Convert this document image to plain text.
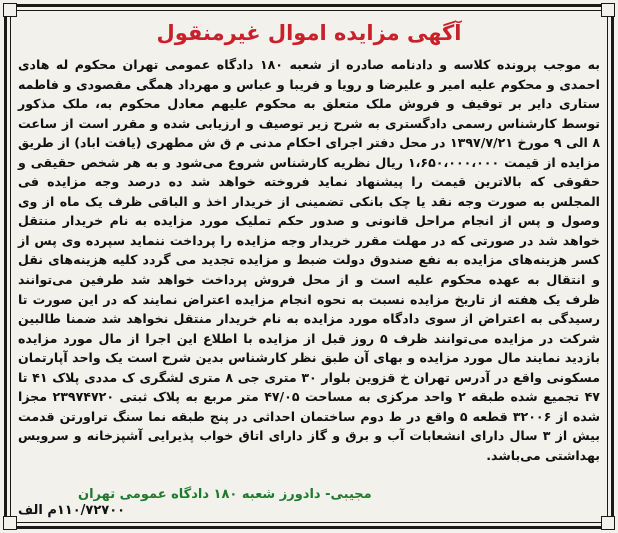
آگهی مزایده اموال غیرمنقول

به موجب پرونده کلاسه و دادنامه صادره از شعبه ۱۸۰ دادگاه عمومی تهران محکوم له هادی احمدی و محکوم علیه امیر و علیرضا و رویا و فریبا و عباس و مهرداد همگی مقصودی و فاطمه ستاری دایر بر توقیف و فروش ملک متعلق به محکوم علیهم معادل محکوم به، ملک مذکور توسط کارشناس رسمی دادگستری به شرح زیر توصیف و ارزیابی شده و مقرر است از ساعت ۸ الی ۹ مورخ ۱۳۹۷/۷/۲۱ در محل دفتر اجرای احکام مدنی م ق ش مطهری (یافت اباد) از طریق مزایده از قیمت ۱،۶۵۰،۰۰۰،۰۰۰ ریال نظریه کارشناس شروع می‌شود و به هر شخص حقیقی و حقوقی که بالاترین قیمت را پیشنهاد نماید فروخته خواهد شد ده درصد وجه مزایده فی المجلس به صورت وجه نقد یا چک بانکی تضمینی از خریدار اخذ و الباقی ظرف یک ماه از وی وصول و پس از انجام مراحل قانونی و صدور حکم تملیک مورد مزایده به نام خریدار منتقل خواهد شد در صورتی که در مهلت مقرر خریدار وجه مزایده را پرداخت ننماید سپرده وی پس از کسر هزینه‌های مزایده به نفع صندوق دولت ضبط و مزایده تجدید می گردد کلیه هزینه‌های نقل و انتقال به عهده محکوم علیه است و از محل فروش پرداخت خواهد شد طرفین می‌توانند ظرف یک هفته از تاریخ مزایده نسبت به نحوه انجام مزایده اعتراض نمایند که در این صورت تا رسیدگی به اعتراض از سوی دادگاه مورد مزایده به نام خریدار منتقل نخواهد شد ضمنا طالبین شرکت در مزایده می‌توانند ظرف ۵ روز قبل از مزایده با اطلاع این اجرا از مال مورد مزایده بازدید نمایند مال مورد مزایده و بهای آن طبق نظر کارشناس بدین شرح است یک واحد آپارتمان مسکونی واقع در آدرس تهران خ قزوین بلوار ۳۰ متری جی ۸ متری لشگری ک مددی پلاک ۴۱ تا ۴۷ تجمیع شده طبقه ۲ واحد مرکزی به مساحت ۴۷/۰۵ متر مربع به پلاک ثبتی ۲۳۹۷۴۷۲۰ مجزا شده از ۳۲۰۰۶ قطعه ۵ واقع در ط دوم ساختمان احداثی در پنج طبقه نما سنگ تراورتن قدمت بیش از ۳ سال دارای انشعابات آب و برق و گاز دارای اتاق خواب پذیرایی آشپزخانه و سرویس بهداشتی می‌باشد.

مجیبی- دادورز شعبه ۱۸۰ دادگاه عمومی تهران
۱۱۰/۷۲۷۰۰م الف
